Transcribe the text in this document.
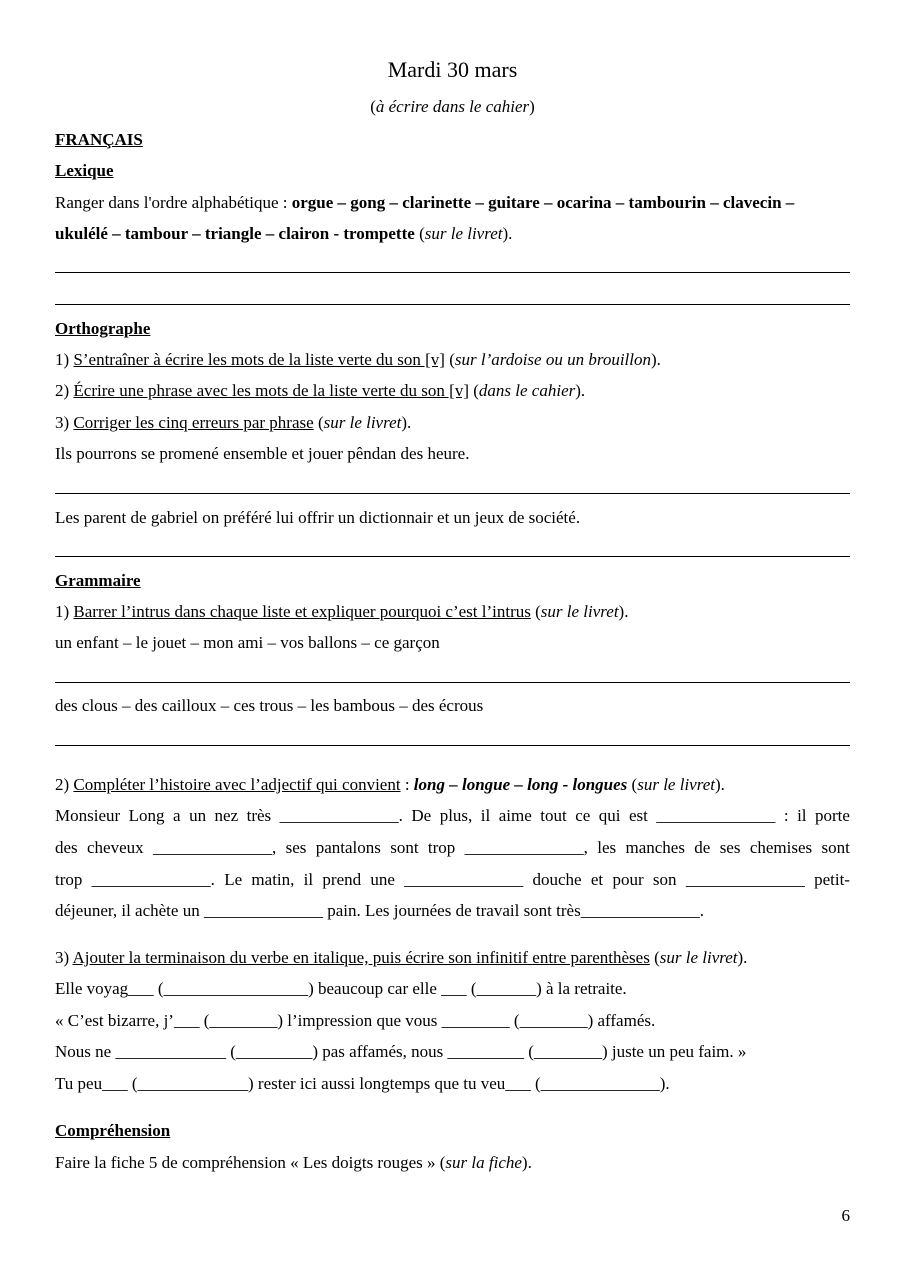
Mardi 30 mars
(à écrire dans le cahier)
FRANÇAIS
Lexique
Ranger dans l'ordre alphabétique : orgue – gong – clarinette – guitare – ocarina – tambourin – clavecin –
ukulélé – tambour – triangle – clairon - trompette (sur le livret).
Orthographe
1) S’entraîner à écrire les mots de la liste verte du son [v] (sur l’ardoise ou un brouillon).
2) Écrire une phrase avec les mots de la liste verte du son [v] (dans le cahier).
3) Corriger les cinq erreurs par phrase (sur le livret).
Ils pourrons se promené ensemble et jouer pêndan des heure.
Les parent de gabriel on préféré lui offrir un dictionnair et un jeux de société.
Grammaire
1) Barrer l’intrus dans chaque liste et expliquer pourquoi c’est l’intrus (sur le livret).
un enfant – le jouet – mon ami – vos ballons – ce garçon
des clous – des cailloux – ces trous – les bambous – des écrous
2) Compléter l’histoire avec l’adjectif qui convient : long – longue – long - longues (sur le livret).
Monsieur Long a un nez très ______________. De plus, il aime tout ce qui est ______________ : il porte
des cheveux ______________, ses pantalons sont trop ______________, les manches de ses chemises sont
trop ______________. Le matin, il prend une ______________ douche et pour son ______________ petit-
déjeuner, il achète un ______________ pain. Les journées de travail sont très______________.
3) Ajouter la terminaison du verbe en italique, puis écrire son infinitif entre parenthèses (sur le livret).
Elle voyag___ (_________________) beaucoup car elle ___ (_______) à la retraite.
« C’est bizarre, j’___ (________) l’impression que vous ________ (________) affamés.
Nous ne _____________ (_________) pas affamés, nous _________ (________) juste un peu faim. »
Tu peu___ (_____________) rester ici aussi longtemps que tu veu___ (______________).
Compréhension
Faire la fiche 5 de compréhension « Les doigts rouges » (sur la fiche).
6
